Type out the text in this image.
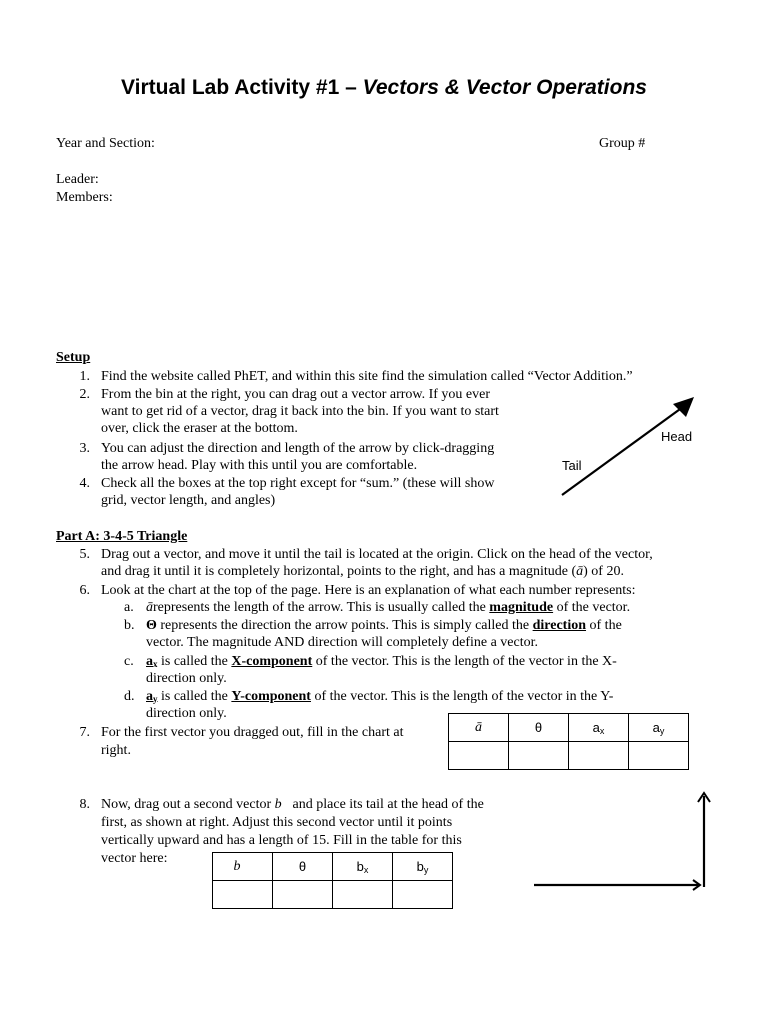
Virtual Lab Activity #1 – Vectors & Vector Operations
Year and Section:	Group #
Leader:
Members:
Setup
1. Find the website called PhET, and within this site find the simulation called “Vector Addition.”
2. From the bin at the right, you can drag out a vector arrow. If you ever
want to get rid of a vector, drag it back into the bin. If you want to start
over, click the eraser at the bottom.
3. You can adjust the direction and length of the arrow by click-dragging
the arrow head. Play with this until you are comfortable.
4. Check all the boxes at the top right except for “sum.” (these will show
grid, vector length, and angles)
Head
Tail
Part A: 3-4-5 Triangle
5. Drag out a vector, and move it until the tail is located at the origin. Click on the head of the vector,
and drag it until it is completely horizontal, points to the right, and has a magnitude (ā) of 20.
6. Look at the chart at the top of the page. Here is an explanation of what each number represents:
a. ārepresents the length of the arrow. This is usually called the magnitude of the vector.
b. Θ represents the direction the arrow points. This is simply called the direction of the
vector. The magnitude AND direction will completely define a vector.
c. $a_x$ is called the X-component of the vector. This is the length of the vector in the X-
direction only.
d. $a_y$ is called the Y-component of the vector. This is the length of the vector in the Y-
direction only.
7. For the first vector you dragged out, fill in the chart at
right.
ā	θ	$a_x$	$a_y$

8. Now, drag out a second vector b⃗and place its tail at the head of the
first, as shown at right. Adjust this second vector until it points
vertically upward and has a length of 15. Fill in the table for this
vector here:	b⃗	θ	$b_x$	$b_y$
